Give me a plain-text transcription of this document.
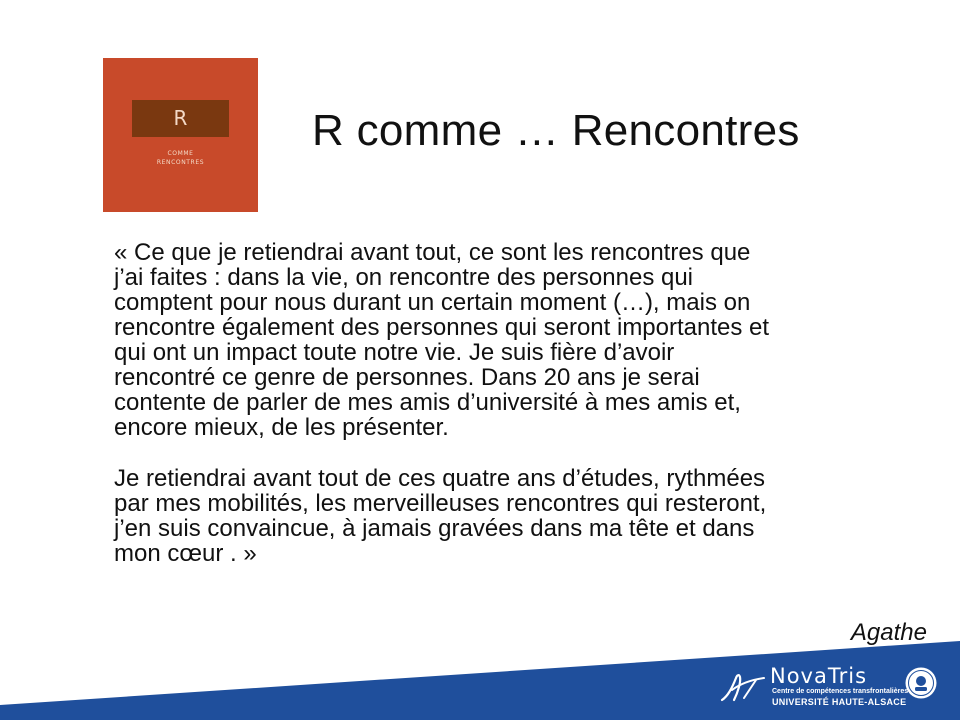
R
COMME
RENCONTRES
R comme … Rencontres
« Ce que je retiendrai avant tout, ce sont les rencontres que
j’ai faites : dans la vie, on rencontre des personnes qui
comptent pour nous durant un certain moment (…), mais on
rencontre également des personnes qui seront importantes et
qui ont un impact toute notre vie. Je suis fière d’avoir
rencontré ce genre de personnes. Dans 20 ans je serai
contente de parler de mes amis d’université à mes amis et,
encore mieux, de les présenter.
Je retiendrai avant tout de ces quatre ans d’études, rythmées
par mes mobilités, les merveilleuses rencontres qui resteront,
j’en suis convaincue, à jamais gravées dans ma tête et dans
mon cœur . »
Agathe
NovaTris
Centre de compétences transfrontalières
UNIVERSITÉ HAUTE-ALSACE
